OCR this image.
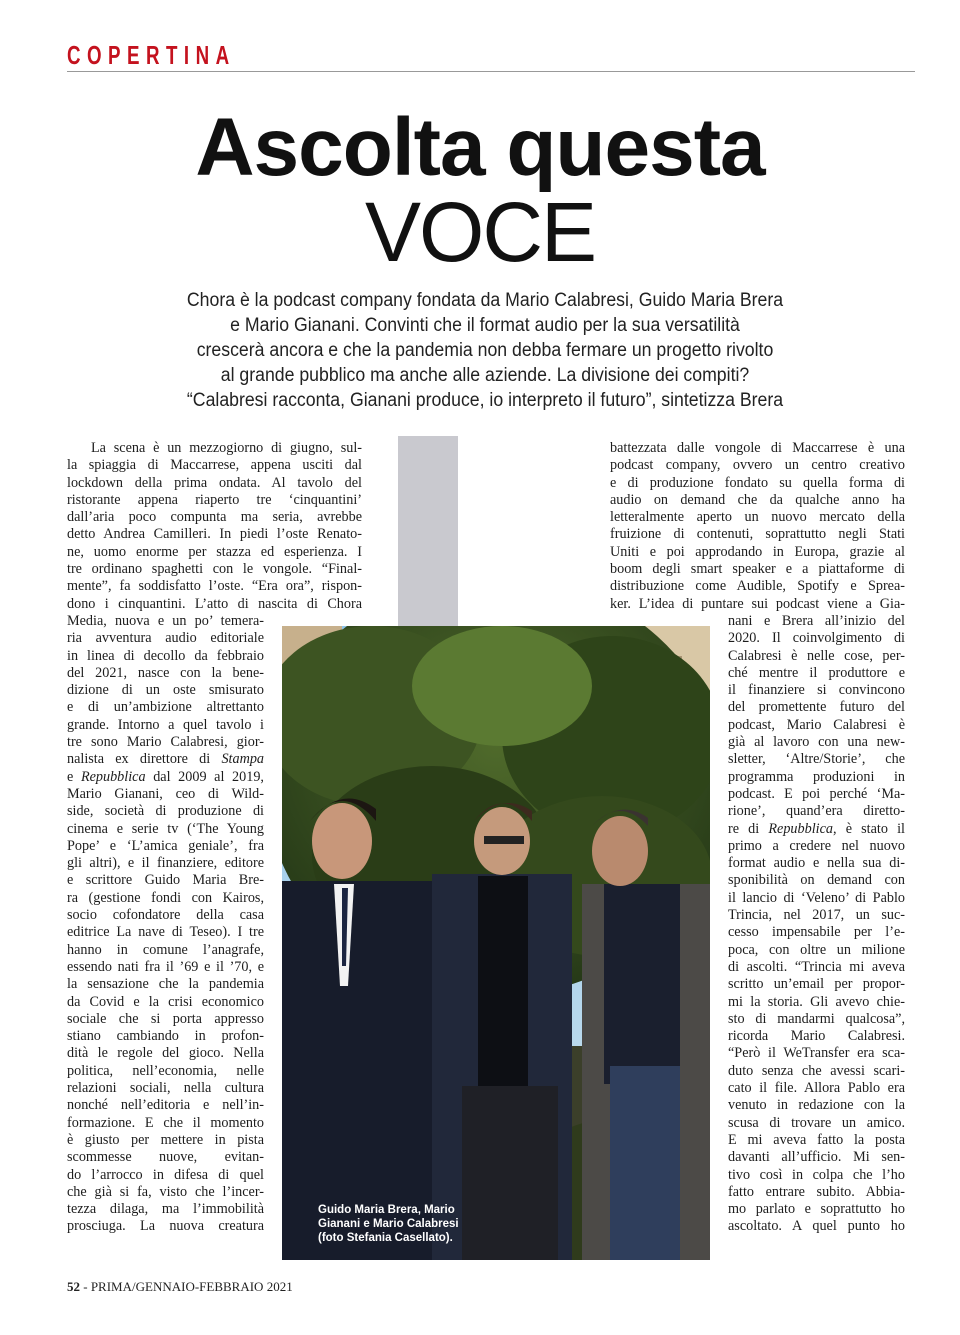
COPERTINA
Ascolta questa
VOCE
Chora è la podcast company fondata da Mario Calabresi, Guido Maria Brera
e Mario Gianani. Convinti che il format audio per la sua versatilità
crescerà ancora e che la pandemia non debba fermare un progetto rivolto
al grande pubblico ma anche alle aziende. La divisione dei compiti?
“Calabresi racconta, Gianani produce, io interpreto il futuro”, sintetizza Brera
Guido Maria Brera, Mario
Gianani e Mario Calabresi
(foto Stefania Casellato).
La scena è un mezzogiorno di giugno, sul-
la spiaggia di Maccarrese, appena usciti dal
lockdown della prima ondata. Al tavolo del
ristorante appena riaperto tre ‘cinquantini’
dall’aria poco compunta ma seria, avrebbe
detto Andrea Camilleri. In piedi l’oste Renato-
ne, uomo enorme per stazza ed esperienza. I
tre ordinano spaghetti con le vongole. “Final-
mente”, fa soddisfatto l’oste. “Era ora”, rispon-
dono i cinquantini. L’atto di nascita di Chora
Media, nuova e un po’ temera-
ria avventura audio editoriale
in linea di decollo da febbraio
del 2021, nasce con la bene-
dizione di un oste smisurato
e di un’ambizione altrettanto
grande. Intorno a quel tavolo i
tre sono Mario Calabresi, gior-
nalista ex direttore di Stampa
e Repubblica dal 2009 al 2019,
Mario Gianani, ceo di Wild-
side, società di produzione di
cinema e serie tv (‘The Young
Pope’ e ‘L’amica geniale’, fra
gli altri), e il finanziere, editore
e scrittore Guido Maria Bre-
ra (gestione fondi con Kairos,
socio cofondatore della casa
editrice La nave di Teseo). I tre
hanno in comune l’anagrafe,
essendo nati fra il ’69 e il ’70, e
la sensazione che la pandemia
da Covid e la crisi economico
sociale che si porta appresso
stiano cambiando in profon-
dità le regole del gioco. Nella
politica, nell’economia, nelle
relazioni sociali, nella cultura
nonché nell’editoria e nell’in-
formazione. E che il momento
è giusto per mettere in pista
scommesse nuove, evitan-
do l’arrocco in difesa di quel
che già si fa, visto che l’incer-
tezza dilaga, ma l’immobilità
prosciuga. La nuova creatura
battezzata dalle vongole di Maccarrese è una
podcast company, ovvero un centro creativo
e di produzione fondato su quella forma di
audio on demand che da qualche anno ha
letteralmente aperto un nuovo mercato della
fruizione di contenuti, soprattutto negli Stati
Uniti e poi approdando in Europa, grazie al
boom degli smart speaker e a piattaforme di
distribuzione come Audible, Spotify e Sprea-
ker. L’idea di puntare sui podcast viene a Gia-
nani e Brera all’inizio del
2020. Il coinvolgimento di
Calabresi è nelle cose, per-
ché mentre il produttore e
il finanziere si convincono
del promettente futuro del
podcast, Mario Calabresi è
già al lavoro con una new-
sletter, ‘Altre/Storie’, che
programma produzioni in
podcast. E poi perché ‘Ma-
rione’, quand’era diretto-
re di Repubblica, è stato il
primo a credere nel nuovo
format audio e nella sua di-
sponibilità on demand con
il lancio di ‘Veleno’ di Pablo
Trincia, nel 2017, un suc-
cesso impensabile per l’e-
poca, con oltre un milione
di ascolti. “Trincia mi aveva
scritto un’email per propor-
mi la storia. Gli avevo chie-
sto di mandarmi qualcosa”,
ricorda Mario Calabresi.
“Però il WeTransfer era sca-
duto senza che avessi scari-
cato il file. Allora Pablo era
venuto in redazione con la
scusa di trovare un amico.
E mi aveva fatto la posta
davanti all’ufficio. Mi sen-
tivo così in colpa che l’ho
fatto entrare subito. Abbia-
mo parlato e soprattutto ho
ascoltato. A quel punto ho
52 - PRIMA/GENNAIO-FEBBRAIO 2021
